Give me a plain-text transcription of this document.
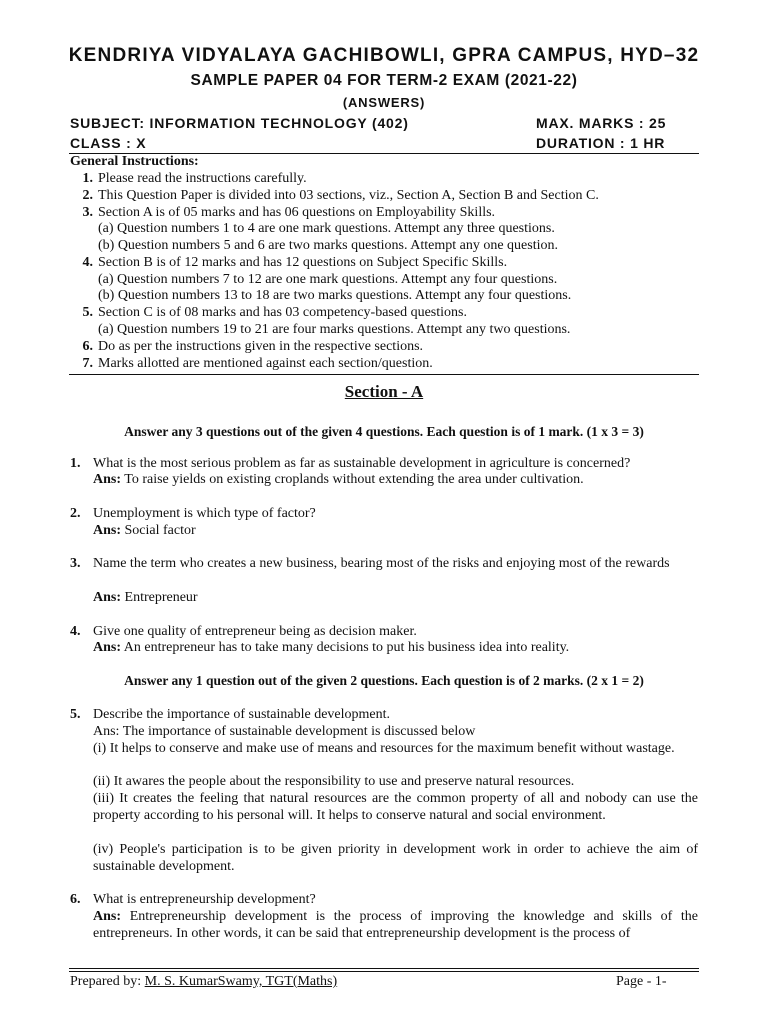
KENDRIYA VIDYALAYA GACHIBOWLI, GPRA CAMPUS, HYD–32
SAMPLE PAPER 04 FOR TERM-2 EXAM (2021-22)
(ANSWERS)
SUBJECT: INFORMATION TECHNOLOGY (402)	MAX. MARKS : 25
CLASS : X	DURATION : 1 HR
General Instructions:
1. Please read the instructions carefully.
2. This Question Paper is divided into 03 sections, viz., Section A, Section B and Section C.
3. Section A is of 05 marks and has 06 questions on Employability Skills.
(a) Question numbers 1 to 4 are one mark questions. Attempt any three questions.
(b) Question numbers 5 and 6 are two marks questions. Attempt any one question.
4. Section B is of 12 marks and has 12 questions on Subject Specific Skills.
(a) Question numbers 7 to 12 are one mark questions. Attempt any four questions.
(b) Question numbers 13 to 18 are two marks questions. Attempt any four questions.
5. Section C is of 08 marks and has 03 competency-based questions.
(a) Question numbers 19 to 21 are four marks questions. Attempt any two questions.
6. Do as per the instructions given in the respective sections.
7. Marks allotted are mentioned against each section/question.
Section - A
Answer any 3 questions out of the given 4 questions. Each question is of 1 mark. (1 x 3 = 3)
1. What is the most serious problem as far as sustainable development in agriculture is concerned?
Ans: To raise yields on existing croplands without extending the area under cultivation.
2. Unemployment is which type of factor?
Ans: Social factor
3. Name the term who creates a new business, bearing most of the risks and enjoying most of the rewards
Ans: Entrepreneur
4. Give one quality of entrepreneur being as decision maker.
Ans: An entrepreneur has to take many decisions to put his business idea into reality.
Answer any 1 question out of the given 2 questions. Each question is of 2 marks. (2 x 1 = 2)
5. Describe the importance of sustainable development.
Ans: The importance of sustainable development is discussed below
(i) It helps to conserve and make use of means and resources for the maximum benefit without wastage.
(ii) It awares the people about the responsibility to use and preserve natural resources.
(iii) It creates the feeling that natural resources are the common property of all and nobody can use the property according to his personal will. It helps to conserve natural and social environment.
(iv) People's participation is to be given priority in development work in order to achieve the aim of sustainable development.
6. What is entrepreneurship development?
Ans: Entrepreneurship development is the process of improving the knowledge and skills of the entrepreneurs. In other words, it can be said that entrepreneurship development is the process of
Prepared by: M. S. KumarSwamy, TGT(Maths)	Page - 1-
